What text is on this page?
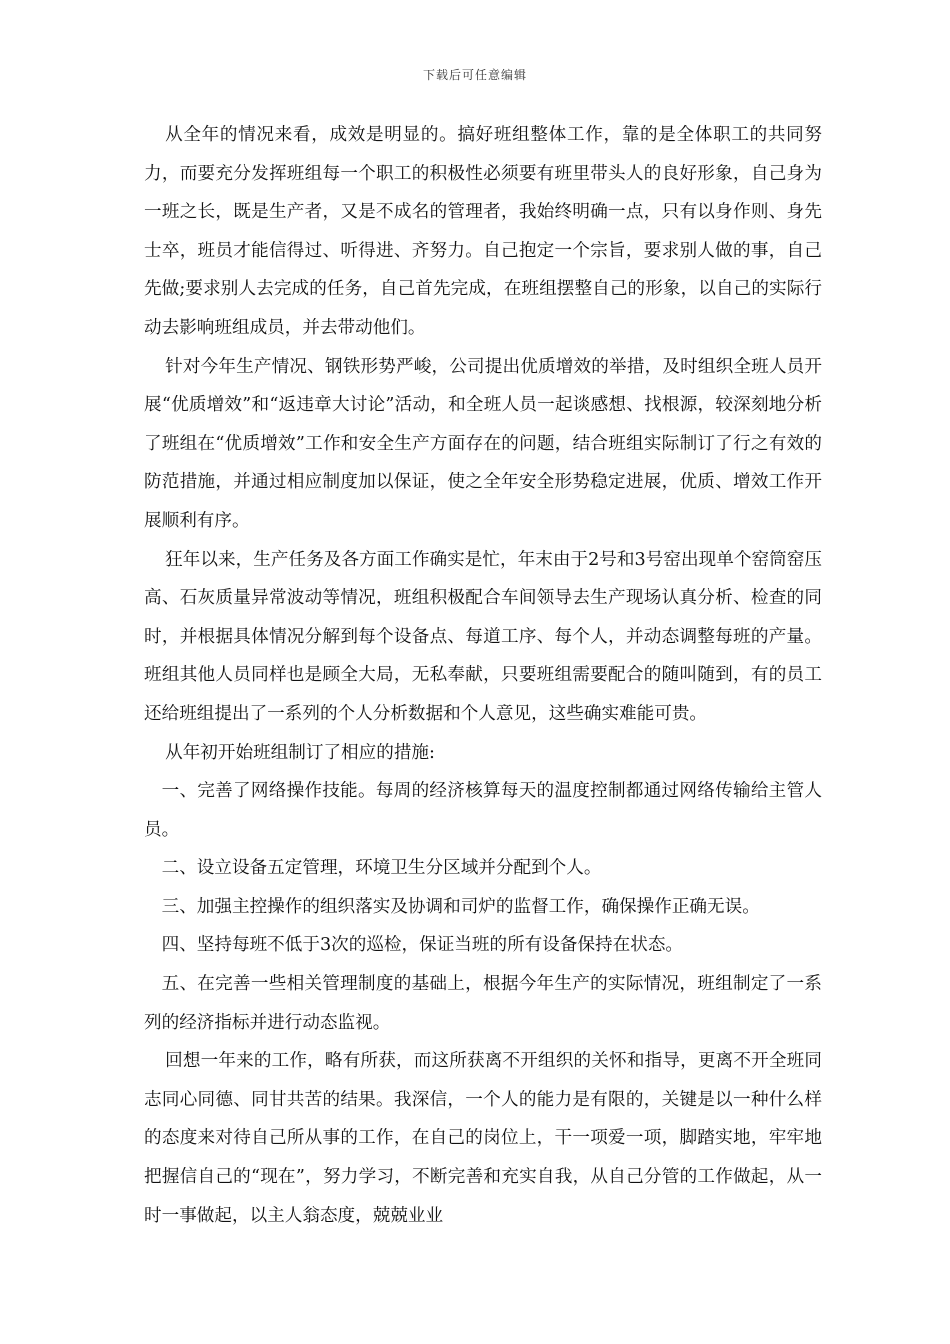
下载后可任意编辑

从全年的情况来看，成效是明显的。搞好班组整体工作，靠的是全体职工的共同努力，而要充分发挥班组每一个职工的积极性必须要有班里带头人的良好形象，自己身为一班之长，既是生产者，又是不成名的管理者，我始终明确一点，只有以身作则、身先士卒，班员才能信得过、听得进、齐努力。自己抱定一个宗旨，要求别人做的事，自己先做;要求别人去完成的任务，自己首先完成，在班组摆整自己的形象，以自己的实际行动去影响班组成员，并去带动他们。

针对今年生产情况、钢铁形势严峻，公司提出优质增效的举措，及时组织全班人员开展“优质增效”和“返违章大讨论”活动，和全班人员一起谈感想、找根源，较深刻地分析了班组在“优质增效”工作和安全生产方面存在的问题，结合班组实际制订了行之有效的防范措施，并通过相应制度加以保证，使之全年安全形势稳定进展，优质、增效工作开展顺利有序。

狂年以来，生产任务及各方面工作确实是忙，年末由于2号和3号窑出现单个窑筒窑压高、石灰质量异常波动等情况，班组积极配合车间领导去生产现场认真分析、检查的同时，并根据具体情况分解到每个设备点、每道工序、每个人，并动态调整每班的产量。班组其他人员同样也是顾全大局，无私奉献，只要班组需要配合的随叫随到，有的员工还给班组提出了一系列的个人分析数据和个人意见，这些确实难能可贵。

从年初开始班组制订了相应的措施:

一、完善了网络操作技能。每周的经济核算每天的温度控制都通过网络传输给主管人员。

二、设立设备五定管理，环境卫生分区域并分配到个人。

三、加强主控操作的组织落实及协调和司炉的监督工作，确保操作正确无误。

四、坚持每班不低于3次的巡检，保证当班的所有设备保持在状态。

五、在完善一些相关管理制度的基础上，根据今年生产的实际情况，班组制定了一系列的经济指标并进行动态监视。

回想一年来的工作，略有所获，而这所获离不开组织的关怀和指导，更离不开全班同志同心同德、同甘共苦的结果。我深信，一个人的能力是有限的，关键是以一种什么样的态度来对待自己所从事的工作，在自己的岗位上，干一项爱一项，脚踏实地，牢牢地把握信自己的“现在”，努力学习，不断完善和充实自我，从自己分管的工作做起，从一时一事做起，以主人翁态度，兢兢业业
